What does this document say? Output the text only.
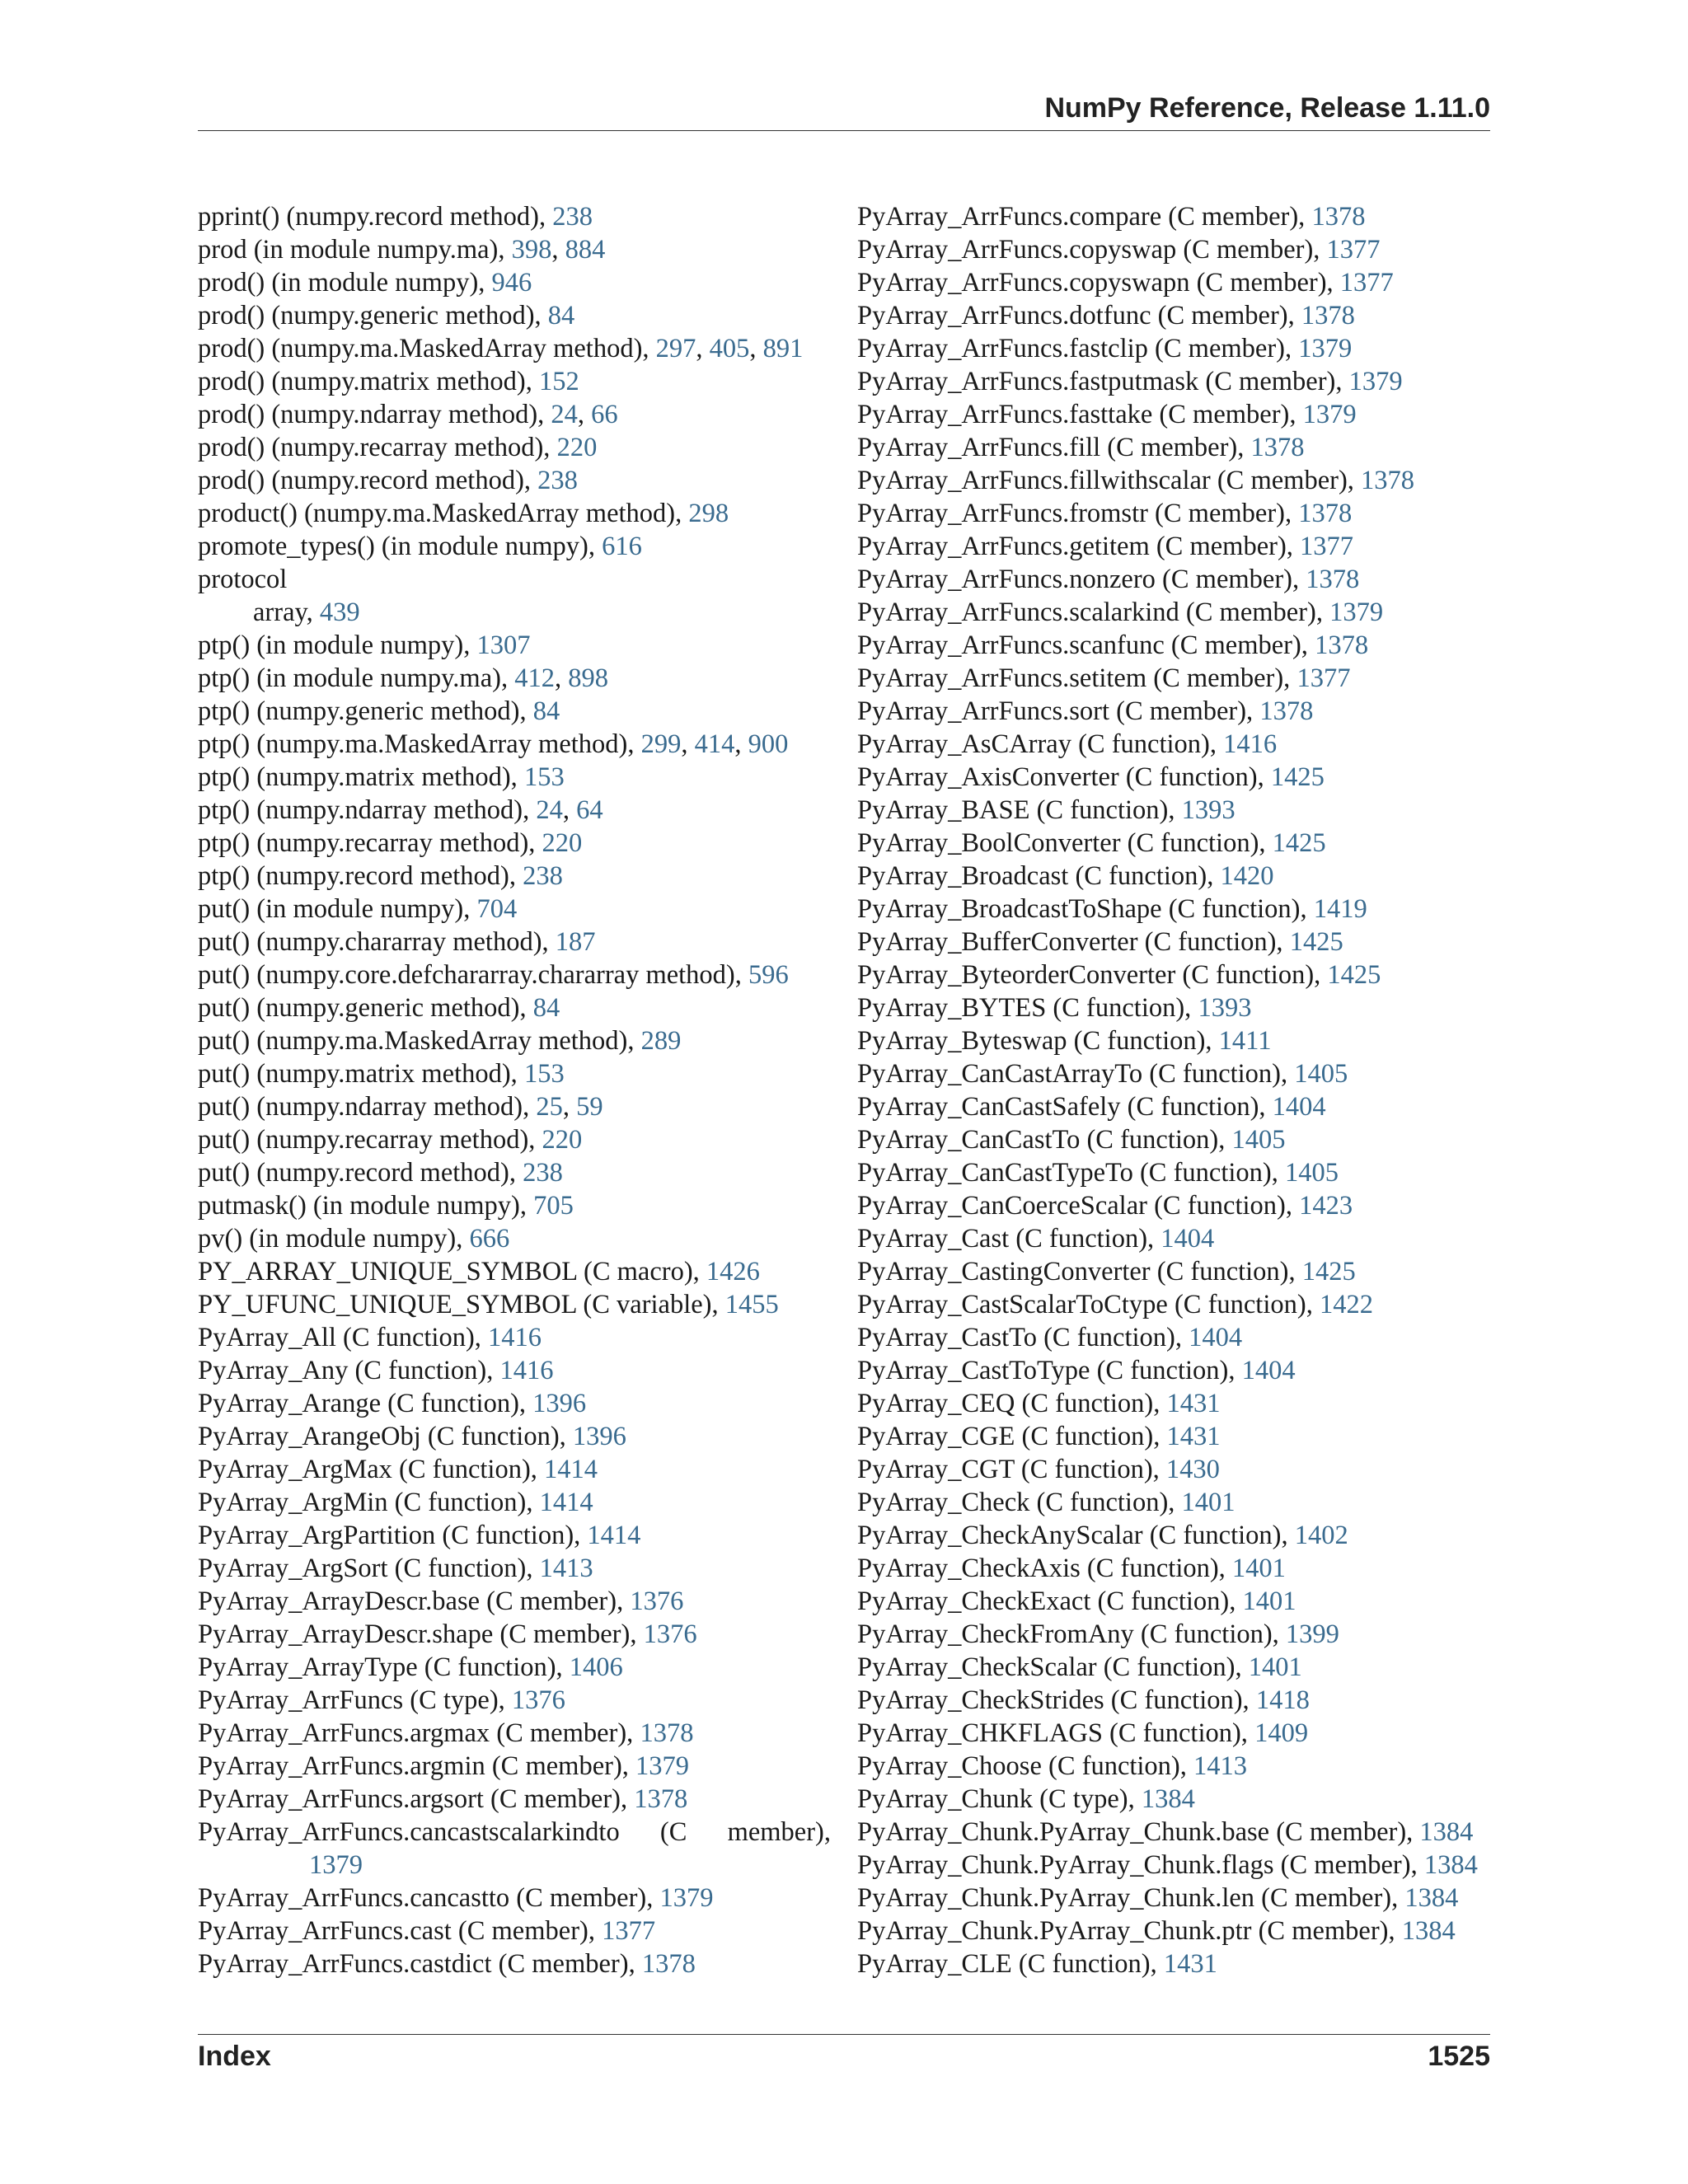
NumPy Reference, Release 1.11.0
pprint() (numpy.record method), 238
prod (in module numpy.ma), 398, 884
prod() (in module numpy), 946
prod() (numpy.generic method), 84
prod() (numpy.ma.MaskedArray method), 297, 405, 891
prod() (numpy.matrix method), 152
prod() (numpy.ndarray method), 24, 66
prod() (numpy.recarray method), 220
prod() (numpy.record method), 238
product() (numpy.ma.MaskedArray method), 298
promote_types() (in module numpy), 616
protocol
array, 439
ptp() (in module numpy), 1307
ptp() (in module numpy.ma), 412, 898
ptp() (numpy.generic method), 84
ptp() (numpy.ma.MaskedArray method), 299, 414, 900
ptp() (numpy.matrix method), 153
ptp() (numpy.ndarray method), 24, 64
ptp() (numpy.recarray method), 220
ptp() (numpy.record method), 238
put() (in module numpy), 704
put() (numpy.chararray method), 187
put() (numpy.core.defchararray.chararray method), 596
put() (numpy.generic method), 84
put() (numpy.ma.MaskedArray method), 289
put() (numpy.matrix method), 153
put() (numpy.ndarray method), 25, 59
put() (numpy.recarray method), 220
put() (numpy.record method), 238
putmask() (in module numpy), 705
pv() (in module numpy), 666
PY_ARRAY_UNIQUE_SYMBOL (C macro), 1426
PY_UFUNC_UNIQUE_SYMBOL (C variable), 1455
PyArray_All (C function), 1416
PyArray_Any (C function), 1416
PyArray_Arange (C function), 1396
PyArray_ArangeObj (C function), 1396
PyArray_ArgMax (C function), 1414
PyArray_ArgMin (C function), 1414
PyArray_ArgPartition (C function), 1414
PyArray_ArgSort (C function), 1413
PyArray_ArrayDescr.base (C member), 1376
PyArray_ArrayDescr.shape (C member), 1376
PyArray_ArrayType (C function), 1406
PyArray_ArrFuncs (C type), 1376
PyArray_ArrFuncs.argmax (C member), 1378
PyArray_ArrFuncs.argmin (C member), 1379
PyArray_ArrFuncs.argsort (C member), 1378
PyArray_ArrFuncs.cancastscalarkindto (C member),
1379
PyArray_ArrFuncs.cancastto (C member), 1379
PyArray_ArrFuncs.cast (C member), 1377
PyArray_ArrFuncs.castdict (C member), 1378
PyArray_ArrFuncs.compare (C member), 1378
PyArray_ArrFuncs.copyswap (C member), 1377
PyArray_ArrFuncs.copyswapn (C member), 1377
PyArray_ArrFuncs.dotfunc (C member), 1378
PyArray_ArrFuncs.fastclip (C member), 1379
PyArray_ArrFuncs.fastputmask (C member), 1379
PyArray_ArrFuncs.fasttake (C member), 1379
PyArray_ArrFuncs.fill (C member), 1378
PyArray_ArrFuncs.fillwithscalar (C member), 1378
PyArray_ArrFuncs.fromstr (C member), 1378
PyArray_ArrFuncs.getitem (C member), 1377
PyArray_ArrFuncs.nonzero (C member), 1378
PyArray_ArrFuncs.scalarkind (C member), 1379
PyArray_ArrFuncs.scanfunc (C member), 1378
PyArray_ArrFuncs.setitem (C member), 1377
PyArray_ArrFuncs.sort (C member), 1378
PyArray_AsCArray (C function), 1416
PyArray_AxisConverter (C function), 1425
PyArray_BASE (C function), 1393
PyArray_BoolConverter (C function), 1425
PyArray_Broadcast (C function), 1420
PyArray_BroadcastToShape (C function), 1419
PyArray_BufferConverter (C function), 1425
PyArray_ByteorderConverter (C function), 1425
PyArray_BYTES (C function), 1393
PyArray_Byteswap (C function), 1411
PyArray_CanCastArrayTo (C function), 1405
PyArray_CanCastSafely (C function), 1404
PyArray_CanCastTo (C function), 1405
PyArray_CanCastTypeTo (C function), 1405
PyArray_CanCoerceScalar (C function), 1423
PyArray_Cast (C function), 1404
PyArray_CastingConverter (C function), 1425
PyArray_CastScalarToCtype (C function), 1422
PyArray_CastTo (C function), 1404
PyArray_CastToType (C function), 1404
PyArray_CEQ (C function), 1431
PyArray_CGE (C function), 1431
PyArray_CGT (C function), 1430
PyArray_Check (C function), 1401
PyArray_CheckAnyScalar (C function), 1402
PyArray_CheckAxis (C function), 1401
PyArray_CheckExact (C function), 1401
PyArray_CheckFromAny (C function), 1399
PyArray_CheckScalar (C function), 1401
PyArray_CheckStrides (C function), 1418
PyArray_CHKFLAGS (C function), 1409
PyArray_Choose (C function), 1413
PyArray_Chunk (C type), 1384
PyArray_Chunk.PyArray_Chunk.base (C member), 1384
PyArray_Chunk.PyArray_Chunk.flags (C member), 1384
PyArray_Chunk.PyArray_Chunk.len (C member), 1384
PyArray_Chunk.PyArray_Chunk.ptr (C member), 1384
PyArray_CLE (C function), 1431
Index	1525
